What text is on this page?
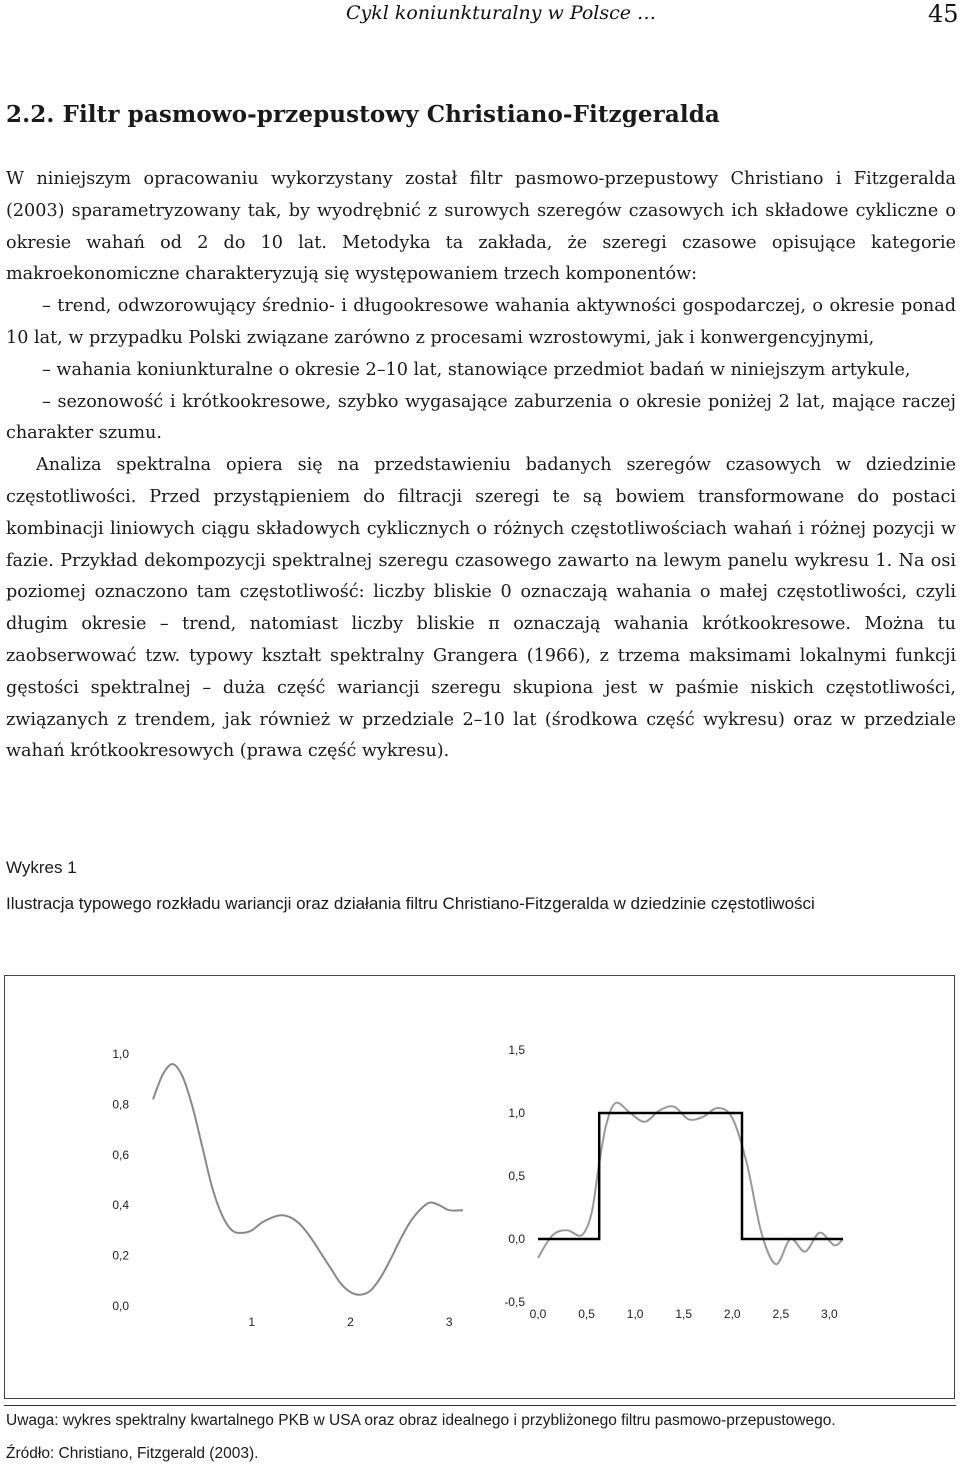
Cykl koniunkturalny w Polsce …	45
2.2. Filtr pasmowo-przepustowy Christiano-Fitzgeralda

W niniejszym opracowaniu wykorzystany został filtr pasmowo-przepustowy Christiano i Fitzgeralda (2003) sparametryzowany tak, by wyodrębnić z surowych szeregów czasowych ich składowe cykliczne o okresie wahań od 2 do 10 lat. Metodyka ta zakłada, że szeregi czasowe opisujące kategorie makroekonomiczne charakteryzują się występowaniem trzech komponentów:

– trend, odwzorowujący średnio- i długookresowe wahania aktywności gospodarczej, o okresie ponad 10 lat, w przypadku Polski związane zarówno z procesami wzrostowymi, jak i konwergencyjnymi,

– wahania koniunkturalne o okresie 2–10 lat, stanowiące przedmiot badań w niniejszym artykule,

– sezonowość i krótkookresowe, szybko wygasające zaburzenia o okresie poniżej 2 lat, mające raczej charakter szumu.

Analiza spektralna opiera się na przedstawieniu badanych szeregów czasowych w dziedzinie częstotliwości. Przed przystąpieniem do filtracji szeregi te są bowiem transformowane do postaci kombinacji liniowych ciągu składowych cyklicznych o różnych częstotliwościach wahań i różnej pozycji w fazie. Przykład dekompozycji spektralnej szeregu czasowego zawarto na lewym panelu wykresu 1. Na osi poziomej oznaczono tam częstotliwość: liczby bliskie 0 oznaczają wahania o małej częstotliwości, czyli długim okresie – trend, natomiast liczby bliskie π oznaczają wahania krótkookresowe. Można tu zaobserwować tzw. typowy kształt spektralny Grangera (1966), z trzema maksimami lokalnymi funkcji gęstości spektralnej – duża część wariancji szeregu skupiona jest w paśmie niskich częstotliwości, związanych z trendem, jak również w przedziale 2–10 lat (środkowa część wykresu) oraz w przedziale wahań krótkookresowych (prawa część wykresu).

Wykres 1
Ilustracja typowego rozkładu wariancji oraz działania filtru Christiano-Fitzgeralda w dziedzinie częstotliwości
0,0
0,2
0,4
0,6
0,8
1,0
1	2	3
-0,5
0,0
0,5
1,0
1,5
0,0	0,5	1,0	1,5	2,0	2,5	3,0
Uwaga: wykres spektralny kwartalnego PKB w USA oraz obraz idealnego i przybliżonego filtru pasmowo-przepustowego.
Źródło: Christiano, Fitzgerald (2003).
